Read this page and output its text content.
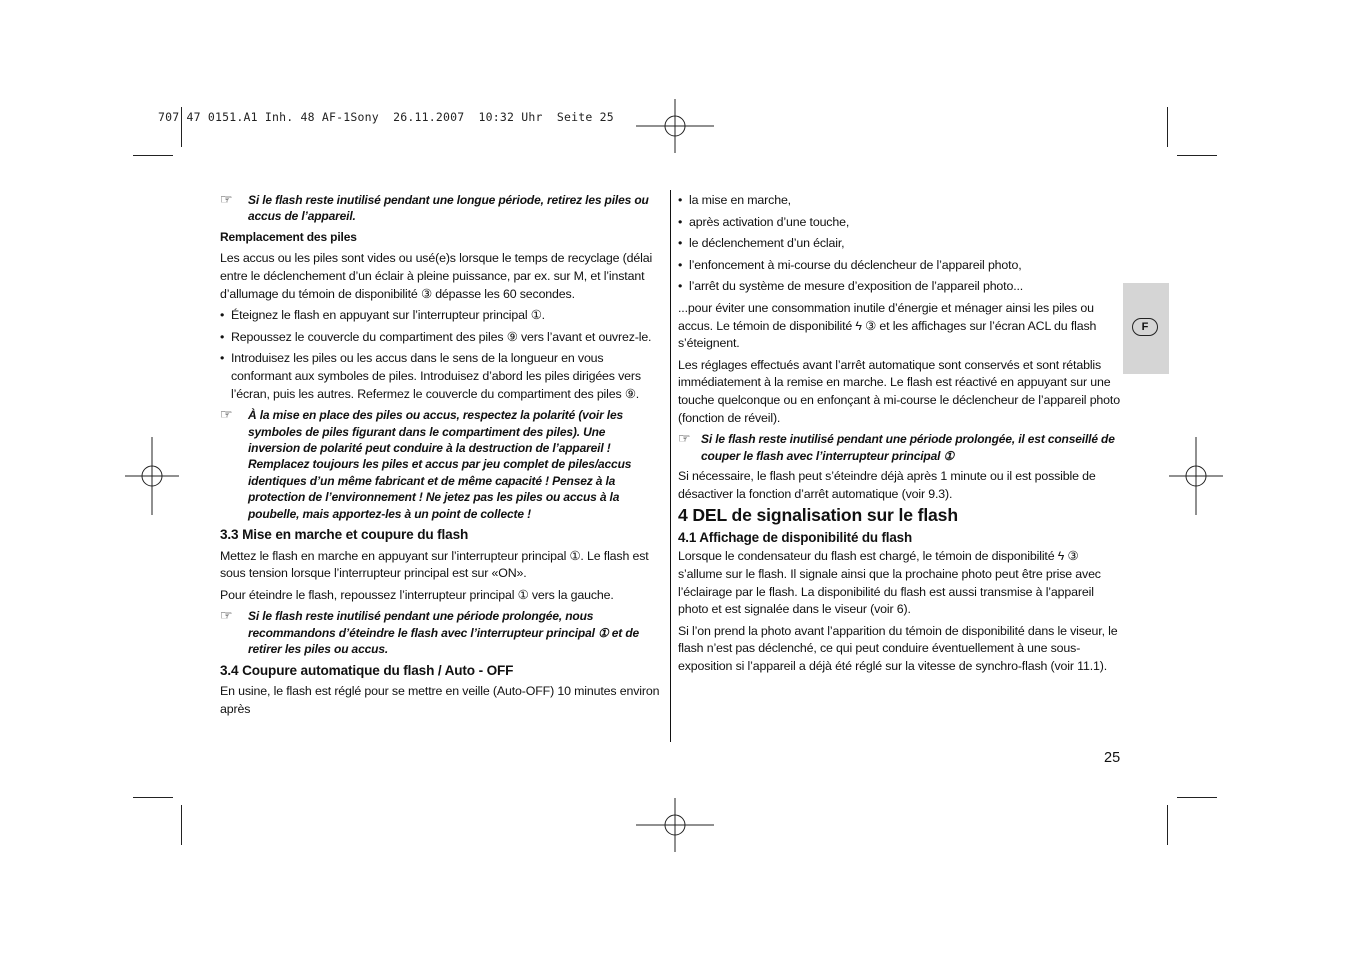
707 47 0151.A1 Inh. 48 AF-1Sony  26.11.2007  10:32 Uhr  Seite 25
☞ Si le flash reste inutilisé pendant une longue période, retirez les piles ou accus de l’appareil.

Remplacement des piles

Les accus ou les piles sont vides ou usé(e)s lorsque le temps de recyclage (délai entre le déclenchement d’un éclair à pleine puissance, par ex. sur M, et l’instant d’allumage du témoin de disponibilité ③ dépasse les 60 secondes.

• Éteignez le flash en appuyant sur l’interrupteur principal ①.
• Repoussez le couvercle du compartiment des piles ⑨ vers l’avant et ouvrez-le.
• Introduisez les piles ou les accus dans le sens de la longueur en vous conformant aux symboles de piles. Introduisez d’abord les piles dirigées vers l’écran, puis les autres. Refermez le couvercle du compartiment des piles ⑨.
☞ À la mise en place des piles ou accus, respectez la polarité (voir les symboles de piles figurant dans le compartiment des piles). Une inversion de polarité peut conduire à la destruction de l’appareil ! Remplacez toujours les piles et accus par jeu complet de piles/accus identiques d’un même fabricant et de même capacité ! Pensez à la protection de l’environnement ! Ne jetez pas les piles ou accus à la poubelle, mais apportez-les à un point de collecte !

3.3 Mise en marche et coupure du flash

Mettez le flash en marche en appuyant sur l’interrupteur principal ①. Le flash est sous tension lorsque l’interrupteur principal est sur «ON».

Pour éteindre le flash, repoussez l’interrupteur principal ① vers la gauche.

☞ Si le flash reste inutilisé pendant une période prolongée, nous recommandons d’éteindre le flash avec l’interrupteur principal ① et de retirer les piles ou accus.

3.4 Coupure automatique du flash / Auto - OFF

En usine, le flash est réglé pour se mettre en veille (Auto-OFF) 10 minutes environ après

• la mise en marche,
• après activation d’une touche,
• le déclenchement d’un éclair,
• l’enfoncement à mi-course du déclencheur de l’appareil photo,
• l’arrêt du système de mesure d’exposition de l’appareil photo...

...pour éviter une consommation inutile d’énergie et ménager ainsi les piles ou accus. Le témoin de disponibilité ϟ ③ et les affichages sur l’écran ACL du flash s’éteignent.

Les réglages effectués avant l’arrêt automatique sont conservés et sont rétablis immédiatement à la remise en marche. Le flash est réactivé en appuyant sur une touche quelconque ou en enfonçant à mi-course le déclencheur de l’appareil photo (fonction de réveil).

☞ Si le flash reste inutilisé pendant une période prolongée, il est conseillé de couper le flash avec l’interrupteur principal ①

Si nécessaire, le flash peut s’éteindre déjà après 1 minute ou il est possible de désactiver la fonction d’arrêt automatique (voir 9.3).

4 DEL de signalisation sur le flash

4.1 Affichage de disponibilité du flash

Lorsque le condensateur du flash est chargé, le témoin de disponibilité ϟ ③ s’allume sur le flash. Il signale ainsi que la prochaine photo peut être prise avec l’éclairage par le flash. La disponibilité du flash est aussi transmise à l’appareil photo et est signalée dans le viseur (voir 6).

Si l’on prend la photo avant l’apparition du témoin de disponibilité dans le viseur, le flash n’est pas déclenché, ce qui peut conduire éventuellement à une sous-exposition si l’appareil a déjà été réglé sur la vitesse de synchro-flash (voir 11.1).

F
25
